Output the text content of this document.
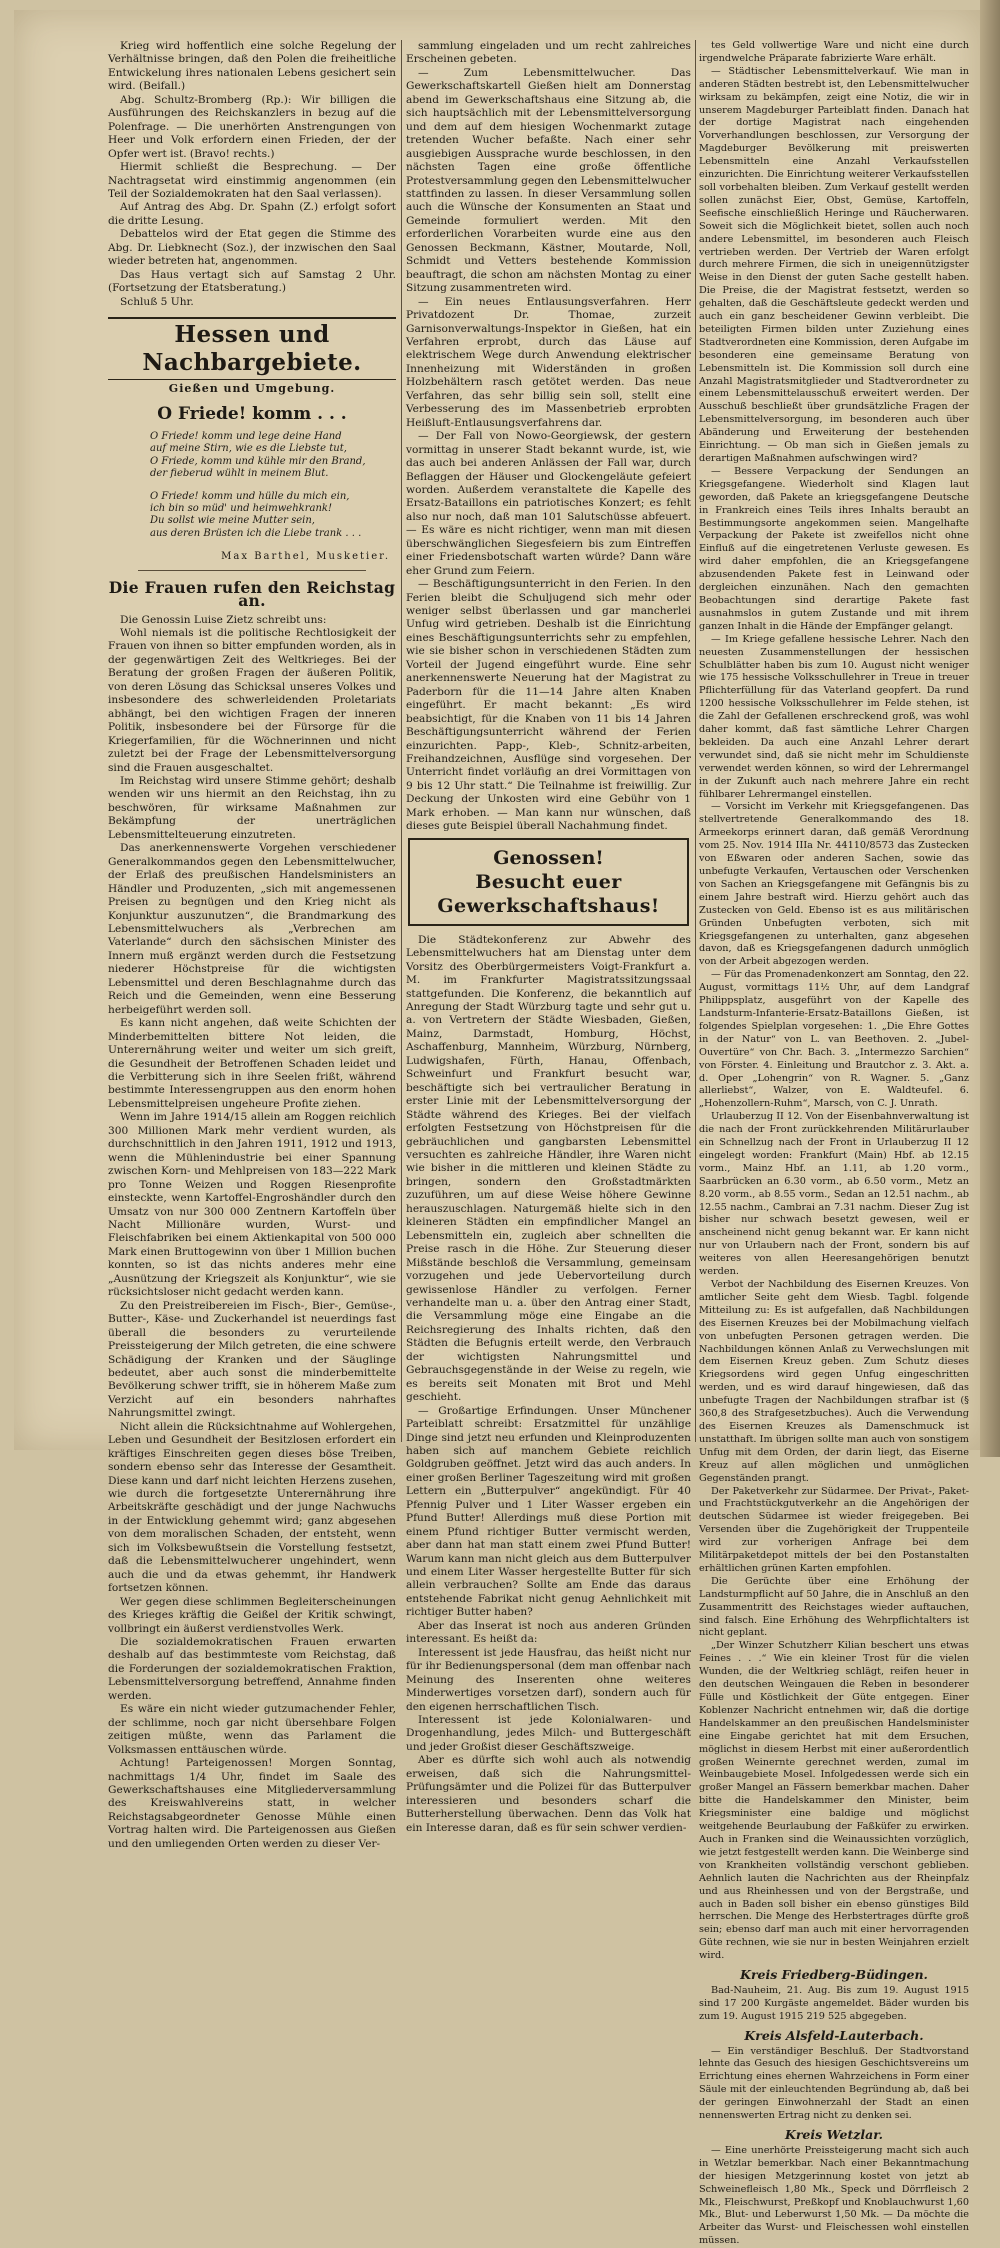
Krieg wird hoffentlich eine solche Regelung der Verhältnisse bringen, daß den Polen die freiheitliche Entwickelung ihres nationalen Lebens gesichert sein wird. (Beifall.)

Abg. Schultz-Bromberg (Rp.): Wir billigen die Ausführungen des Reichskanzlers in bezug auf die Polenfrage. — Die unerhörten Anstrengungen von Heer und Volk erfordern einen Frieden, der der Opfer wert ist. (Bravo! rechts.)

Hiermit schließt die Besprechung. — Der Nachtragsetat wird einstimmig angenommen (ein Teil der Sozialdemokraten hat den Saal verlassen).

Auf Antrag des Abg. Dr. Spahn (Z.) erfolgt sofort die dritte Lesung.

Debattelos wird der Etat gegen die Stimme des Abg. Dr. Liebknecht (Soz.), der inzwischen den Saal wieder betreten hat, angenommen.

Das Haus vertagt sich auf Samstag 2 Uhr. (Fortsetzung der Etatsberatung.)

Schluß 5 Uhr.

Hessen und Nachbargebiete.
Gießen und Umgebung.
O Friede! komm . . .
O Friede! komm und lege deine Hand
auf meine Stirn, wie es die Liebste tut,
O Friede, komm und kühle mir den Brand,
der fieberud wühlt in meinem Blut.
O Friede! komm und hülle du mich ein,
ich bin so müd' und heimwehkrank!
Du sollst wie meine Mutter sein,
aus deren Brüsten ich die Liebe trank . . .
Max Barthel, Musketier.
Die Frauen rufen den Reichstag an.

Die Genossin Luise Zietz schreibt uns:

Wohl niemals ist die politische Rechtlosigkeit der Frauen von ihnen so bitter empfunden worden, als in der gegenwärtigen Zeit des Weltkrieges. Bei der Beratung der großen Fragen der äußeren Politik, von deren Lösung das Schicksal unseres Volkes und insbesondere des schwerleidenden Proletariats abhängt, bei den wichtigen Fragen der inneren Politik, insbesondere bei der Fürsorge für die Kriegerfamilien, für die Wöchnerinnen und nicht zuletzt bei der Frage der Lebensmittelversorgung sind die Frauen ausgeschaltet.

Im Reichstag wird unsere Stimme gehört; deshalb wenden wir uns hiermit an den Reichstag, ihn zu beschwören, für wirksame Maßnahmen zur Bekämpfung der unerträglichen Lebensmittelteuerung einzutreten.

Das anerkennenswerte Vorgehen verschiedener Generalkommandos gegen den Lebensmittelwucher, der Erlaß des preußischen Handelsministers an Händler und Produzenten, „sich mit angemessenen Preisen zu begnügen und den Krieg nicht als Konjunktur auszunutzen“, die Brandmarkung des Lebensmittelwuchers als „Verbrechen am Vaterlande“ durch den sächsischen Minister des Innern muß ergänzt werden durch die Festsetzung niederer Höchstpreise für die wichtigsten Lebensmittel und deren Beschlagnahme durch das Reich und die Gemeinden, wenn eine Besserung herbeigeführt werden soll.

Es kann nicht angehen, daß weite Schichten der Minderbemittelten bittere Not leiden, die Unterernährung weiter und weiter um sich greift, die Gesundheit der Betroffenen Schaden leidet und die Verbitterung sich in ihre Seelen frißt, während bestimmte Interessengruppen aus den enorm hohen Lebensmittelpreisen ungeheure Profite ziehen.

Wenn im Jahre 1914/15 allein am Roggen reichlich 300 Millionen Mark mehr verdient wurden, als durchschnittlich in den Jahren 1911, 1912 und 1913, wenn die Mühlenindustrie bei einer Spannung zwischen Korn- und Mehlpreisen von 183—222 Mark pro Tonne Weizen und Roggen Riesenprofite einsteckte, wenn Kartoffel-Engroshändler durch den Umsatz von nur 300 000 Zentnern Kartoffeln über Nacht Millionäre wurden, Wurst- und Fleischfabriken bei einem Aktienkapital von 500 000 Mark einen Bruttogewinn von über 1 Million buchen konnten, so ist das nichts anderes mehr eine „Ausnützung der Kriegszeit als Konjunktur“, wie sie rücksichtsloser nicht gedacht werden kann.

Zu den Preistreibereien im Fisch-, Bier-, Gemüse-, Butter-, Käse- und Zuckerhandel ist neuerdings fast überall die besonders zu verurteilende Preissteigerung der Milch getreten, die eine schwere Schädigung der Kranken und der Säuglinge bedeutet, aber auch sonst die minderbemittelte Bevölkerung schwer trifft, sie in höherem Maße zum Verzicht auf ein besonders nahrhaftes Nahrungsmittel zwingt.

Nicht allein die Rücksichtnahme auf Wohlergehen, Leben und Gesundheit der Besitzlosen erfordert ein kräftiges Einschreiten gegen dieses böse Treiben, sondern ebenso sehr das Interesse der Gesamtheit. Diese kann und darf nicht leichten Herzens zusehen, wie durch die fortgesetzte Unterernährung ihre Arbeitskräfte geschädigt und der junge Nachwuchs in der Entwicklung gehemmt wird; ganz abgesehen von dem moralischen Schaden, der entsteht, wenn sich im Volksbewußtsein die Vorstellung festsetzt, daß die Lebensmittelwucherer ungehindert, wenn auch die und da etwas gehemmt, ihr Handwerk fortsetzen können.

Wer gegen diese schlimmen Begleiterscheinungen des Krieges kräftig die Geißel der Kritik schwingt, vollbringt ein äußerst verdienstvolles Werk.

Die sozialdemokratischen Frauen erwarten deshalb auf das bestimmteste vom Reichstag, daß die Forderungen der sozialdemokratischen Fraktion, Lebensmittelversorgung betreffend, Annahme finden werden.

Es wäre ein nicht wieder gutzumachender Fehler, der schlimme, noch gar nicht übersehbare Folgen zeitigen müßte, wenn das Parlament die Volksmassen enttäuschen würde.

Achtung! Parteigenossen! Morgen Sonntag, nachmittags 1/4 Uhr, findet im Saale des Gewerkschaftshauses eine Mitgliederversammlung des Kreiswahlvereins statt, in welcher Reichstagsabgeordneter Genosse Mühle einen Vortrag halten wird. Die Parteigenossen aus Gießen und den umliegenden Orten werden zu dieser Ver-

sammlung eingeladen und um recht zahlreiches Erscheinen gebeten.

— Zum Lebensmittelwucher. Das Gewerkschaftskartell Gießen hielt am Donnerstag abend im Gewerkschaftshaus eine Sitzung ab, die sich hauptsächlich mit der Lebensmittelversorgung und dem auf dem hiesigen Wochenmarkt zutage tretenden Wucher befaßte. Nach einer sehr ausgiebigen Aussprache wurde beschlossen, in den nächsten Tagen eine große öffentliche Protestversammlung gegen den Lebensmittelwucher stattfinden zu lassen. In dieser Versammlung sollen auch die Wünsche der Konsumenten an Staat und Gemeinde formuliert werden. Mit den erforderlichen Vorarbeiten wurde eine aus den Genossen Beckmann, Kästner, Moutarde, Noll, Schmidt und Vetters bestehende Kommission beauftragt, die schon am nächsten Montag zu einer Sitzung zusammentreten wird.

— Ein neues Entlausungsverfahren. Herr Privatdozent Dr. Thomae, zurzeit Garnisonverwaltungs-Inspektor in Gießen, hat ein Verfahren erprobt, durch das Läuse auf elektrischem Wege durch Anwendung elektrischer Innenheizung mit Widerständen in großen Holzbehältern rasch getötet werden. Das neue Verfahren, das sehr billig sein soll, stellt eine Verbesserung des im Massenbetrieb erprobten Heißluft-Entlausungsverfahrens dar.

— Der Fall von Nowo-Georgiewsk, der gestern vormittag in unserer Stadt bekannt wurde, ist, wie das auch bei anderen Anlässen der Fall war, durch Beflaggen der Häuser und Glockengeläute gefeiert worden. Außerdem veranstaltete die Kapelle des Ersatz-Bataillons ein patriotisches Konzert; es fehlt also nur noch, daß man 101 Salutschüsse abfeuert. — Es wäre es nicht richtiger, wenn man mit diesen überschwänglichen Siegesfeiern bis zum Eintreffen einer Friedensbotschaft warten würde? Dann wäre eher Grund zum Feiern.

— Beschäftigungsunterricht in den Ferien. In den Ferien bleibt die Schuljugend sich mehr oder weniger selbst überlassen und gar mancherlei Unfug wird getrieben. Deshalb ist die Einrichtung eines Beschäftigungsunterrichts sehr zu empfehlen, wie sie bisher schon in verschiedenen Städten zum Vorteil der Jugend eingeführt wurde. Eine sehr anerkennenswerte Neuerung hat der Magistrat zu Paderborn für die 11—14 Jahre alten Knaben eingeführt. Er macht bekannt: „Es wird beabsichtigt, für die Knaben von 11 bis 14 Jahren Beschäftigungsunterricht während der Ferien einzurichten. Papp-, Kleb-, Schnitz-arbeiten, Freihandzeichnen, Ausflüge sind vorgesehen. Der Unterricht findet vorläufig an drei Vormittagen von 9 bis 12 Uhr statt.“ Die Teilnahme ist freiwillig. Zur Deckung der Unkosten wird eine Gebühr von 1 Mark erhoben. — Man kann nur wünschen, daß dieses gute Beispiel überall Nachahmung findet.

Genossen!
Besucht euer Gewerkschaftshaus!

Die Städtekonferenz zur Abwehr des Lebensmittelwuchers hat am Dienstag unter dem Vorsitz des Oberbürgermeisters Voigt-Frankfurt a. M. im Frankfurter Magistratssitzungssaal stattgefunden. Die Konferenz, die bekanntlich auf Anregung der Stadt Würzburg tagte und sehr gut u. a. von Vertretern der Städte Wiesbaden, Gießen, Mainz, Darmstadt, Homburg, Höchst, Aschaffenburg, Mannheim, Würzburg, Nürnberg, Ludwigshafen, Fürth, Hanau, Offenbach, Schweinfurt und Frankfurt besucht war, beschäftigte sich bei vertraulicher Beratung in erster Linie mit der Lebensmittelversorgung der Städte während des Krieges. Bei der vielfach erfolgten Festsetzung von Höchstpreisen für die gebräuchlichen und gangbarsten Lebensmittel versuchten es zahlreiche Händler, ihre Waren nicht wie bisher in die mittleren und kleinen Städte zu bringen, sondern den Großstadtmärkten zuzuführen, um auf diese Weise höhere Gewinne herauszuschlagen. Naturgemäß hielte sich in den kleineren Städten ein empfindlicher Mangel an Lebensmitteln ein, zugleich aber schnellten die Preise rasch in die Höhe. Zur Steuerung dieser Mißstände beschloß die Versammlung, gemeinsam vorzugehen und jede Uebervorteilung durch gewissenlose Händler zu verfolgen. Ferner verhandelte man u. a. über den Antrag einer Stadt, die Versammlung möge eine Eingabe an die Reichsregierung des Inhalts richten, daß den Städten die Befugnis erteilt werde, den Verbrauch der wichtigsten Nahrungsmittel und Gebrauchsgegenstände in der Weise zu regeln, wie es bereits seit Monaten mit Brot und Mehl geschieht.

— Großartige Erfindungen. Unser Münchener Parteiblatt schreibt: Ersatzmittel für unzählige Dinge sind jetzt neu erfunden und Kleinproduzenten haben sich auf manchem Gebiete reichlich Goldgruben geöffnet. Jetzt wird das auch anders. In einer großen Berliner Tageszeitung wird mit großen Lettern ein „Butterpulver“ angekündigt. Für 40 Pfennig Pulver und 1 Liter Wasser ergeben ein Pfund Butter! Allerdings muß diese Portion mit einem Pfund richtiger Butter vermischt werden, aber dann hat man statt einem zwei Pfund Butter! Warum kann man nicht gleich aus dem Butterpulver und einem Liter Wasser hergestellte Butter für sich allein verbrauchen? Sollte am Ende das daraus entstehende Fabrikat nicht genug Aehnlichkeit mit richtiger Butter haben?

Aber das Inserat ist noch aus anderen Gründen interessant. Es heißt da:

Interessent ist jede Hausfrau, das heißt nicht nur für ihr Bedienungspersonal (dem man offenbar nach Meinung des Inserenten ohne weiteres Minderwertiges vorsetzen darf), sondern auch für den eigenen herrschaftlichen Tisch.

Interessent ist jede Kolonialwaren- und Drogenhandlung, jedes Milch- und Buttergeschäft und jeder Großist dieser Geschäftszweige.

Aber es dürfte sich wohl auch als notwendig erweisen, daß sich die Nahrungsmittel-Prüfungsämter und die Polizei für das Butterpulver interessieren und besonders scharf die Butterherstellung überwachen. Denn das Volk hat ein Interesse daran, daß es für sein schwer verdien-

tes Geld vollwertige Ware und nicht eine durch irgendwelche Präparate fabrizierte Ware erhält.

— Städtischer Lebensmittelverkauf. Wie man in anderen Städten bestrebt ist, den Lebensmittelwucher wirksam zu bekämpfen, zeigt eine Notiz, die wir in unserem Magdeburger Parteiblatt finden. Danach hat der dortige Magistrat nach eingehenden Vorverhandlungen beschlossen, zur Versorgung der Magdeburger Bevölkerung mit preiswerten Lebensmitteln eine Anzahl Verkaufsstellen einzurichten. Die Einrichtung weiterer Verkaufsstellen soll vorbehalten bleiben. Zum Verkauf gestellt werden sollen zunächst Eier, Obst, Gemüse, Kartoffeln, Seefische einschließlich Heringe und Räucherwaren. Soweit sich die Möglichkeit bietet, sollen auch noch andere Lebensmittel, im besonderen auch Fleisch vertrieben werden. Der Vertrieb der Waren erfolgt durch mehrere Firmen, die sich in uneigennützigster Weise in den Dienst der guten Sache gestellt haben. Die Preise, die der Magistrat festsetzt, werden so gehalten, daß die Geschäftsleute gedeckt werden und auch ein ganz bescheidener Gewinn verbleibt. Die beteiligten Firmen bilden unter Zuziehung eines Stadtverordneten eine Kommission, deren Aufgabe im besonderen eine gemeinsame Beratung von Lebensmitteln ist. Die Kommission soll durch eine Anzahl Magistratsmitglieder und Stadtverordneter zu einem Lebensmittelausschuß erweitert werden. Der Ausschuß beschließt über grundsätzliche Fragen der Lebensmittelversorgung, im besonderen auch über Abänderung und Erweiterung der bestehenden Einrichtung. — Ob man sich in Gießen jemals zu derartigen Maßnahmen aufschwingen wird?

— Bessere Verpackung der Sendungen an Kriegsgefangene. Wiederholt sind Klagen laut geworden, daß Pakete an kriegsgefangene Deutsche in Frankreich eines Teils ihres Inhalts beraubt an Bestimmungsorte angekommen seien. Mangelhafte Verpackung der Pakete ist zweifellos nicht ohne Einfluß auf die eingetretenen Verluste gewesen. Es wird daher empfohlen, die an Kriegsgefangene abzusendenden Pakete fest in Leinwand oder dergleichen einzunähen. Nach den gemachten Beobachtungen sind derartige Pakete fast ausnahmslos in gutem Zustande und mit ihrem ganzen Inhalt in die Hände der Empfänger gelangt.

— Im Kriege gefallene hessische Lehrer. Nach den neuesten Zusammenstellungen der hessischen Schulblätter haben bis zum 10. August nicht weniger wie 175 hessische Volksschullehrer in Treue in treuer Pflichterfüllung für das Vaterland geopfert. Da rund 1200 hessische Volksschullehrer im Felde stehen, ist die Zahl der Gefallenen erschreckend groß, was wohl daher kommt, daß fast sämtliche Lehrer Chargen bekleiden. Da auch eine Anzahl Lehrer derart verwundet sind, daß sie nicht mehr im Schuldienste verwendet werden können, so wird der Lehrermangel in der Zukunft auch nach mehrere Jahre ein recht fühlbarer Lehrermangel einstellen.

— Vorsicht im Verkehr mit Kriegsgefangenen. Das stellvertretende Generalkommando des 18. Armeekorps erinnert daran, daß gemäß Verordnung vom 25. Nov. 1914 IIIa Nr. 44110/8573 das Zustecken von Eßwaren oder anderen Sachen, sowie das unbefugte Verkaufen, Vertauschen oder Verschenken von Sachen an Kriegsgefangene mit Gefängnis bis zu einem Jahre bestraft wird. Hierzu gehört auch das Zustecken von Geld. Ebenso ist es aus militärischen Gründen Unbefugten verboten, sich mit Kriegsgefangenen zu unterhalten, ganz abgesehen davon, daß es Kriegsgefangenen dadurch unmöglich von der Arbeit abgezogen werden.

— Für das Promenadenkonzert am Sonntag, den 22. August, vormittags 11½ Uhr, auf dem Landgraf Philippsplatz, ausgeführt von der Kapelle des Landsturm-Infanterie-Ersatz-Bataillons Gießen, ist folgendes Spielplan vorgesehen: 1. „Die Ehre Gottes in der Natur“ von L. van Beethoven. 2. „Jubel-Ouvertüre“ von Chr. Bach. 3. „Intermezzo Sarchien“ von Förster. 4. Einleitung und Brautchor z. 3. Akt. a. d. Oper „Lohengrin“ von R. Wagner. 5. „Ganz allerliebst“, Walzer, von E. Waldteufel. 6. „Hohenzollern-Ruhm“, Marsch, von C. J. Unrath.

Urlauberzug II 12. Von der Eisenbahnverwaltung ist die nach der Front zurückkehrenden Militärurlauber ein Schnellzug nach der Front in Urlauberzug II 12 eingelegt worden: Frankfurt (Main) Hbf. ab 12.15 vorm., Mainz Hbf. an 1.11, ab 1.20 vorm., Saarbrücken an 6.30 vorm., ab 6.50 vorm., Metz an 8.20 vorm., ab 8.55 vorm., Sedan an 12.51 nachm., ab 12.55 nachm., Cambrai an 7.31 nachm. Dieser Zug ist bisher nur schwach besetzt gewesen, weil er anscheinend nicht genug bekannt war. Er kann nicht nur von Urlaubern nach der Front, sondern bis auf weiteres von allen Heeresangehörigen benutzt werden.

Verbot der Nachbildung des Eisernen Kreuzes. Von amtlicher Seite geht dem Wiesb. Tagbl. folgende Mitteilung zu: Es ist aufgefallen, daß Nachbildungen des Eisernen Kreuzes bei der Mobilmachung vielfach von unbefugten Personen getragen werden. Die Nachbildungen können Anlaß zu Verwechslungen mit dem Eisernen Kreuz geben. Zum Schutz dieses Kriegsordens wird gegen Unfug eingeschritten werden, und es wird darauf hingewiesen, daß das unbefugte Tragen der Nachbildungen strafbar ist (§ 360,8 des Strafgesetzbuches). Auch die Verwendung des Eisernen Kreuzes als Damenschmuck ist unstatthaft. Im übrigen sollte man auch von sonstigem Unfug mit dem Orden, der darin liegt, das Eiserne Kreuz auf allen möglichen und unmöglichen Gegenständen prangt.

Der Paketverkehr zur Südarmee. Der Privat-, Paket- und Frachtstückgutverkehr an die Angehörigen der deutschen Südarmee ist wieder freigegeben. Bei Versenden über die Zugehörigkeit der Truppenteile wird zur vorherigen Anfrage bei dem Militärpaketdepot mittels der bei den Postanstalten erhältlichen grünen Karten empfohlen.

Die Gerüchte über eine Erhöhung der Landsturmpflicht auf 50 Jahre, die in Anschluß an den Zusammentritt des Reichstages wieder auftauchen, sind falsch. Eine Erhöhung des Wehrpflichtalters ist nicht geplant.

„Der Winzer Schutzherr Kilian beschert uns etwas Feines . . .“ Wie ein kleiner Trost für die vielen Wunden, die der Weltkrieg schlägt, reifen heuer in den deutschen Weingauen die Reben in besonderer Fülle und Köstlichkeit der Güte entgegen. Einer Koblenzer Nachricht entnehmen wir, daß die dortige Handelskammer an den preußischen Handelsminister eine Eingabe gerichtet hat mit dem Ersuchen, möglichst in diesem Herbst mit einer außerordentlich großen Weinernte gerechnet werden, zumal im Weinbaugebiete Mosel. Infolgedessen werde sich ein großer Mangel an Fässern bemerkbar machen. Daher bitte die Handelskammer den Minister, beim Kriegsminister eine baldige und möglichst weitgehende Beurlaubung der Faßküfer zu erwirken. Auch in Franken sind die Weinaussichten vorzüglich, wie jetzt festgestellt werden kann. Die Weinberge sind von Krankheiten vollständig verschont geblieben. Aehnlich lauten die Nachrichten aus der Rheinpfalz und aus Rheinhessen und von der Bergstraße, und auch in Baden soll bisher ein ebenso günstiges Bild herrschen. Die Menge des Herbstertrages dürfte groß sein; ebenso darf man auch mit einer hervorragenden Güte rechnen, wie sie nur in besten Weinjahren erzielt wird.

Kreis Friedberg-Büdingen.

Bad-Nauheim, 21. Aug. Bis zum 19. August 1915 sind 17 200 Kurgäste angemeldet. Bäder wurden bis zum 19. August 1915 219 525 abgegeben.

Kreis Alsfeld-Lauterbach.

— Ein verständiger Beschluß. Der Stadtvorstand lehnte das Gesuch des hiesigen Geschichtsvereins um Errichtung eines ehernen Wahrzeichens in Form einer Säule mit der einleuchtenden Begründung ab, daß bei der geringen Einwohnerzahl der Stadt an einen nennenswerten Ertrag nicht zu denken sei.

Kreis Wetzlar.

— Eine unerhörte Preissteigerung macht sich auch in Wetzlar bemerkbar. Nach einer Bekanntmachung der hiesigen Metzgerinnung kostet von jetzt ab Schweinefleisch 1,80 Mk., Speck und Dörrfleisch 2 Mk., Fleischwurst, Preßkopf und Knoblauchwurst 1,60 Mk., Blut- und Leberwurst 1,50 Mk. — Da möchte die Arbeiter das Wurst- und Fleischessen wohl einstellen müssen.
